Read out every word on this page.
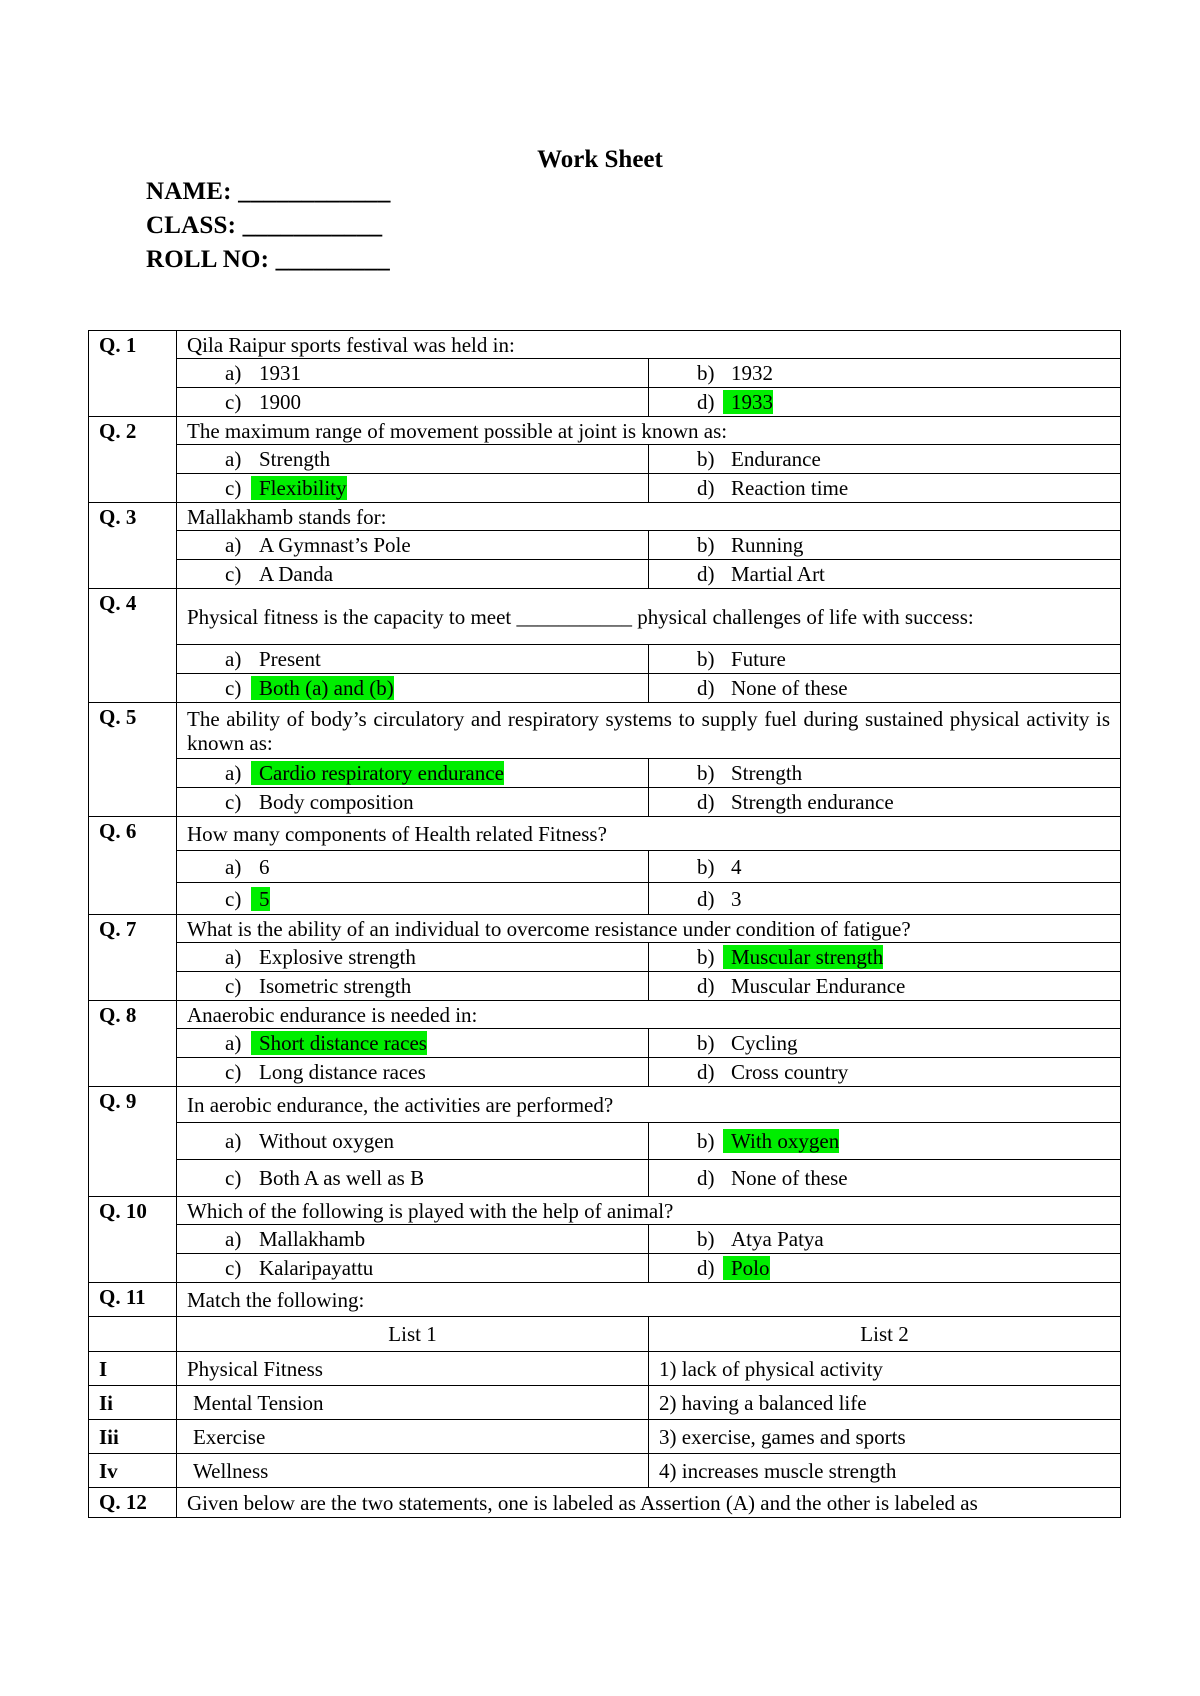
Work Sheet
NAME: ____________
CLASS: ___________
ROLL NO: _________
Q. 1	Qila Raipur sports festival was held in:	
	a) 1931	b) 1932
	c) 1900	d) 1933
Q. 2	The maximum range of movement possible at joint is known as:	
	a) Strength	b) Endurance
	c) Flexibility	d) Reaction time
Q. 3	Mallakhamb stands for:	
	a) A Gymnast’s Pole	b) Running
	c) A Danda	d) Martial Art
Q. 4	Physical fitness is the capacity to meet ___________ physical challenges of life with success:	
	a) Present	b) Future
	c) Both (a) and (b)	d) None of these
Q. 5	The ability of body’s circulatory and respiratory systems to supply fuel during sustained physical activity is known as:	
	a) Cardio respiratory endurance	b) Strength
	c) Body composition	d) Strength endurance
Q. 6	How many components of Health related Fitness?	
	a) 6	b) 4
	c) 5	d) 3
Q. 7	What is the ability of an individual to overcome resistance under condition of fatigue?	
	a) Explosive strength	b) Muscular strength
	c) Isometric strength	d) Muscular Endurance
Q. 8	Anaerobic endurance is needed in:	
	a) Short distance races	b) Cycling
	c) Long distance races	d) Cross country
Q. 9	In aerobic endurance, the activities are performed?	
	a) Without oxygen	b) With oxygen
	c) Both A as well as B	d) None of these
Q. 10	Which of the following is played with the help of animal?	
	a) Mallakhamb	b) Atya Patya
	c) Kalaripayattu	d) Polo
Q. 11	Match the following:	
	List 1	List 2
I	Physical Fitness	1) lack of physical activity
Ii	Mental Tension	2) having a balanced life
Iii	Exercise	3) exercise, games and sports
Iv	Wellness	4) increases muscle strength
Q. 12	Given below are the two statements, one is labeled as Assertion (A) and the other is labeled as	
